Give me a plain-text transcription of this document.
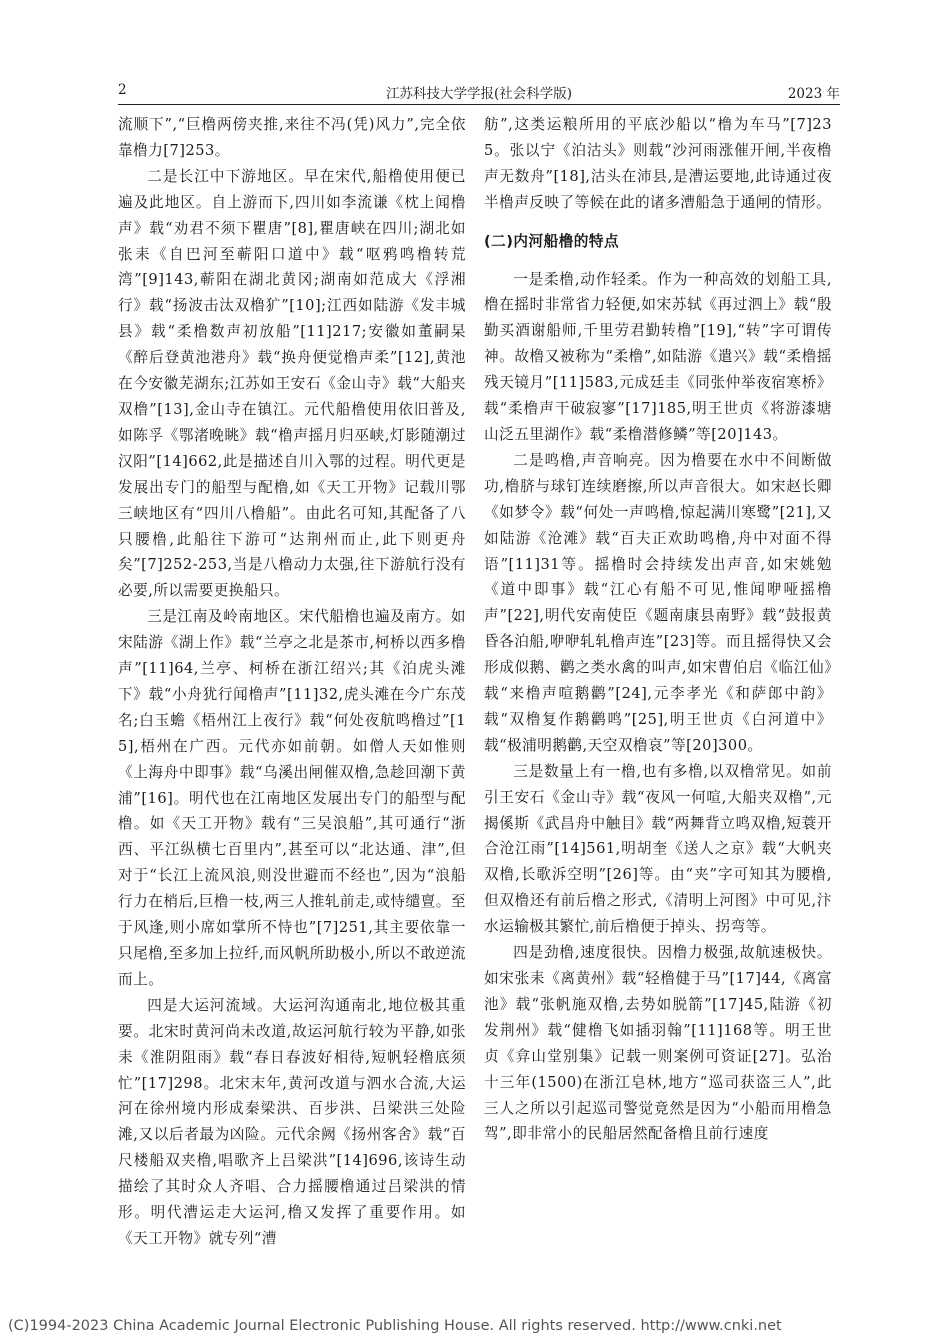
2	江苏科技大学学报(社会科学版)	2023 年

流顺下”,“巨橹两傍夹推,来往不冯(凭)风力”,完全依靠橹力[7]253。

二是长江中下游地区。早在宋代,船橹使用便已遍及此地区。自上游而下,四川如李流谦《枕上闻橹声》载“劝君不须下瞿唐”[8],瞿唐峡在四川;湖北如张耒《自巴河至蕲阳口道中》载“呕鸦鸣橹转荒湾”[9]143,蕲阳在湖北黄冈;湖南如范成大《浮湘行》载“扬波击汰双橹犷”[10];江西如陆游《发丰城县》载“柔橹数声初放船”[11]217;安徽如董嗣杲《醉后登黄池港舟》载“换舟便觉橹声柔”[12],黄池在今安徽芜湖东;江苏如王安石《金山寺》载“大船夹双橹”[13],金山寺在镇江。元代船橹使用依旧普及,如陈孚《鄂渚晚眺》载“橹声摇月归巫峡,灯影随潮过汉阳”[14]662,此是描述自川入鄂的过程。明代更是发展出专门的船型与配橹,如《天工开物》记载川鄂三峡地区有“四川八橹船”。由此名可知,其配备了八只腰橹,此船往下游可“达荆州而止,此下则更舟矣”[7]252-253,当是八橹动力太强,往下游航行没有必要,所以需要更换船只。

三是江南及岭南地区。宋代船橹也遍及南方。如宋陆游《湖上作》载“兰亭之北是茶市,柯桥以西多橹声”[11]64,兰亭、柯桥在浙江绍兴;其《泊虎头滩下》载“小舟犹行闻橹声”[11]32,虎头滩在今广东茂名;白玉蟾《梧州江上夜行》载“何处夜航鸣橹过”[15],梧州在广西。元代亦如前朝。如僧人天如惟则《上海舟中即事》载“乌溪出闸催双橹,急趁回潮下黄浦”[16]。明代也在江南地区发展出专门的船型与配橹。如《天工开物》载有“三吴浪船”,其可通行“浙西、平江纵横七百里内”,甚至可以“北达通、津”,但对于“长江上流风浪,则没世避而不经也”,因为“浪船行力在梢后,巨橹一枝,两三人推轧前走,或恃缱亶。至于风逢,则小席如掌所不恃也”[7]251,其主要依靠一只尾橹,至多加上拉纤,而风帆所助极小,所以不敢逆流而上。

四是大运河流域。大运河沟通南北,地位极其重要。北宋时黄河尚未改道,故运河航行较为平静,如张耒《淮阴阻雨》载“春日春波好相待,短帆轻橹底须忙”[17]298。北宋末年,黄河改道与泗水合流,大运河在徐州境内形成秦梁洪、百步洪、吕梁洪三处险滩,又以后者最为凶险。元代余阙《扬州客舍》载“百尺楼船双夹橹,唱歌齐上吕梁洪”[14]696,该诗生动描绘了其时众人齐唱、合力摇腰橹通过吕梁洪的情形。明代漕运走大运河,橹又发挥了重要作用。如《天工开物》就专列“漕

舫”,这类运粮所用的平底沙船以“橹为车马”[7]235。张以宁《泊沽头》则载“沙河雨涨催开闸,半夜橹声无数舟”[18],沽头在沛县,是漕运要地,此诗通过夜半橹声反映了等候在此的诸多漕船急于通闸的情形。

(二)内河船橹的特点

一是柔橹,动作轻柔。作为一种高效的划船工具,橹在摇时非常省力轻便,如宋苏轼《再过泗上》载“殷勤买酒谢船师,千里劳君勤转橹”[19],“转”字可谓传神。故橹又被称为“柔橹”,如陆游《遣兴》载“柔橹摇残天镜月”[11]583,元成廷圭《同张仲举夜宿寒桥》载“柔橹声干破寂寥”[17]185,明王世贞《将游漆塘山泛五里湖作》载“柔橹潜修鳞”等[20]143。

二是鸣橹,声音响亮。因为橹要在水中不间断做功,橹脐与球钉连续磨擦,所以声音很大。如宋赵长卿《如梦令》载“何处一声鸣橹,惊起满川寒鹭”[21],又如陆游《沧滩》载“百夫正欢助鸣橹,舟中对面不得语”[11]31等。摇橹时会持续发出声音,如宋姚勉《道中即事》载“江心有船不可见,惟闻咿哑摇橹声”[22],明代安南使臣《题南康县南野》载“鼓报黄昏各泊船,咿咿轧轧橹声连”[23]等。而且摇得快又会形成似鹅、鹳之类水禽的叫声,如宋曹伯启《临江仙》载“来橹声喧鹅鹳”[24],元李孝光《和萨郎中韵》载“双橹复作鹅鹳鸣”[25],明王世贞《白河道中》载“极浦明鹅鹳,天空双橹哀”等[20]300。

三是数量上有一橹,也有多橹,以双橹常见。如前引王安石《金山寺》载“夜风一何喧,大船夹双橹”,元揭傒斯《武昌舟中触目》载“两舞背立鸣双橹,短蓑开合沧江雨”[14]561,明胡奎《送人之京》载“大帆夹双橹,长歌泝空明”[26]等。由“夹”字可知其为腰橹,但双橹还有前后橹之形式,《清明上河图》中可见,汴水运输极其繁忙,前后橹便于掉头、拐弯等。

四是劲橹,速度很快。因橹力极强,故航速极快。如宋张耒《离黄州》载“轻橹健于马”[17]44,《离富池》载“张帆施双橹,去势如脱箭”[17]45,陆游《初发荆州》载“健橹飞如插羽翰”[11]168等。明王世贞《弇山堂别集》记载一则案例可资证[27]。弘治十三年(1500)在浙江皂林,地方“巡司获盗三人”,此三人之所以引起巡司警觉竟然是因为“小船而用橹急驾”,即非常小的民船居然配备橹且前行速度

(C)1994-2023 China Academic Journal Electronic Publishing House. All rights reserved. http://www.cnki.net
